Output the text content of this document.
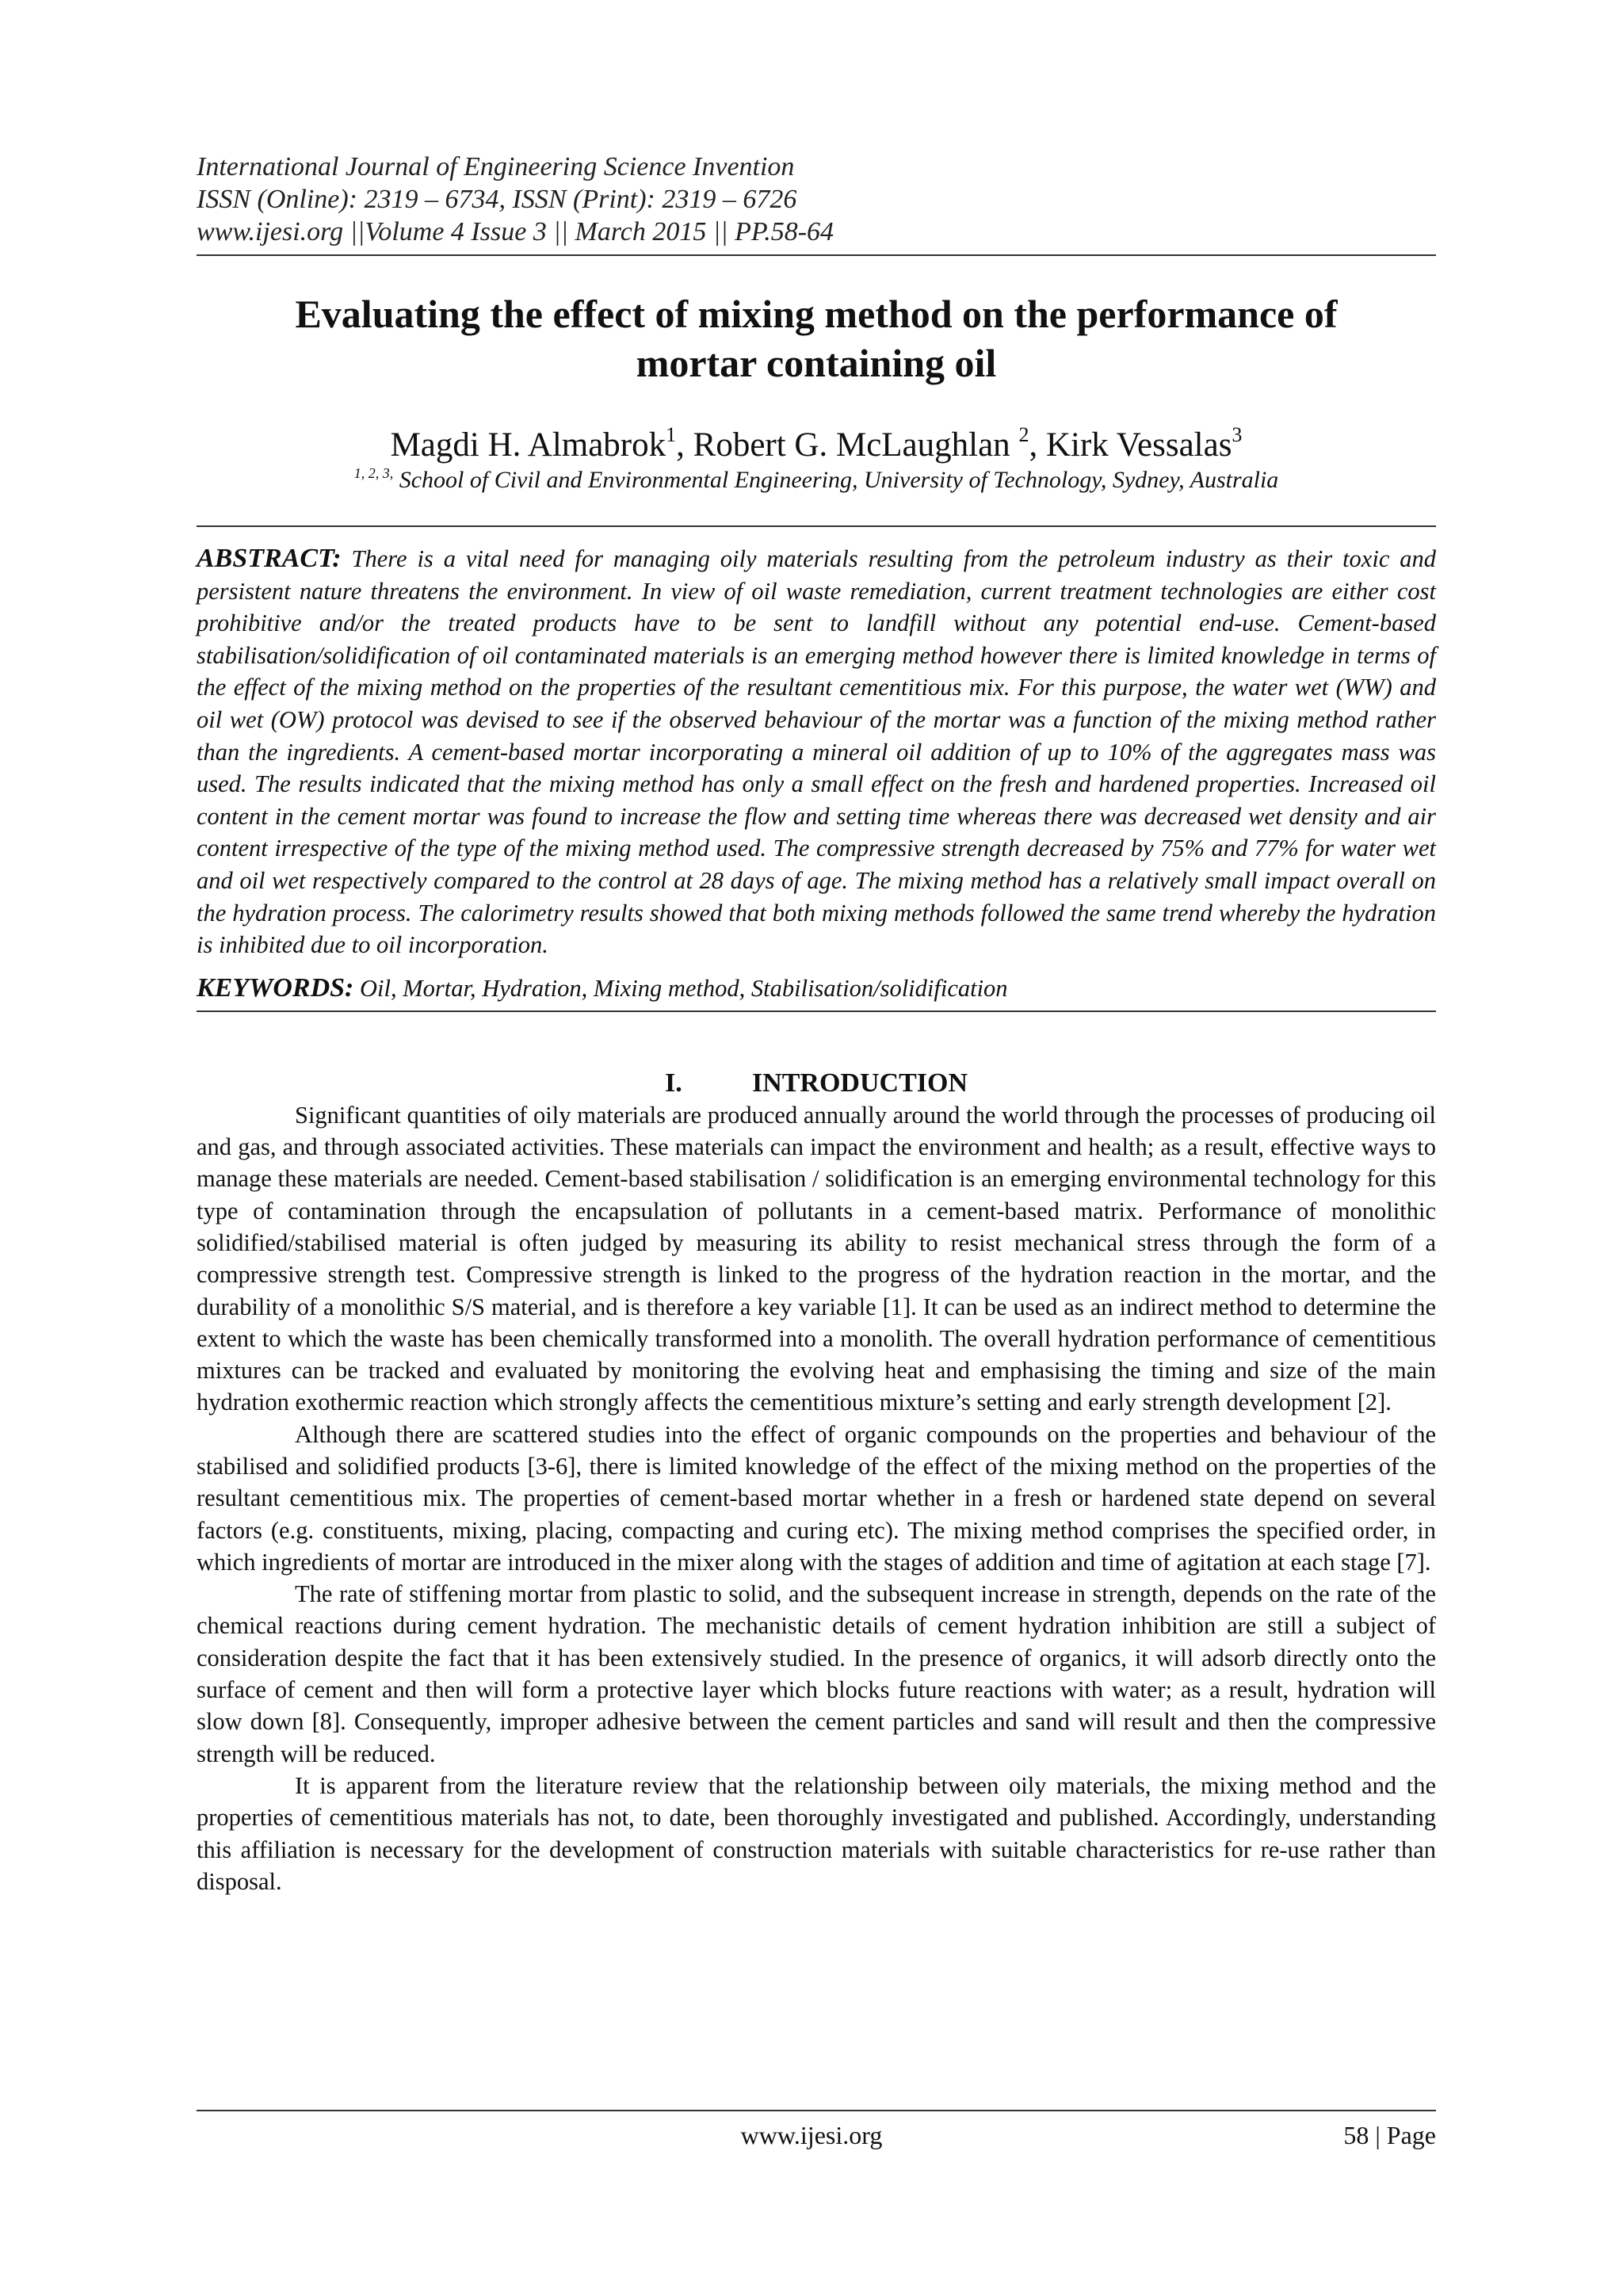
International Journal of Engineering Science Invention
ISSN (Online): 2319 – 6734, ISSN (Print): 2319 – 6726
www.ijesi.org ||Volume 4 Issue 3 || March 2015 || PP.58-64
Evaluating the effect of mixing method on the performance of
mortar containing oil
Magdi H. Almabrok$^1$, Robert G. McLaughlan $^2$, Kirk Vessalas$^3$
$^{1, 2, 3,}$ School of Civil and Environmental Engineering, University of Technology, Sydney, Australia
ABSTRACT: There is a vital need for managing oily materials resulting from the petroleum industry as their toxic and persistent nature threatens the environment. In view of oil waste remediation, current treatment technologies are either cost prohibitive and/or the treated products have to be sent to landfill without any potential end-use. Cement-based stabilisation/solidification of oil contaminated materials is an emerging method however there is limited knowledge in terms of the effect of the mixing method on the properties of the resultant cementitious mix. For this purpose, the water wet (WW) and oil wet (OW) protocol was devised to see if the observed behaviour of the mortar was a function of the mixing method rather than the ingredients. A cement-based mortar incorporating a mineral oil addition of up to 10% of the aggregates mass was used. The results indicated that the mixing method has only a small effect on the fresh and hardened properties. Increased oil content in the cement mortar was found to increase the flow and setting time whereas there was decreased wet density and air content irrespective of the type of the mixing method used. The compressive strength decreased by 75% and 77% for water wet and oil wet respectively compared to the control at 28 days of age. The mixing method has a relatively small impact overall on the hydration process. The calorimetry results showed that both mixing methods followed the same trend whereby the hydration is inhibited due to oil incorporation.
KEYWORDS: Oil, Mortar, Hydration, Mixing method, Stabilisation/solidification
I.	INTRODUCTION

Significant quantities of oily materials are produced annually around the world through the processes of producing oil and gas, and through associated activities. These materials can impact the environment and health; as a result, effective ways to manage these materials are needed. Cement-based stabilisation / solidification is an emerging environmental technology for this type of contamination through the encapsulation of pollutants in a cement-based matrix. Performance of monolithic solidified/stabilised material is often judged by measuring its ability to resist mechanical stress through the form of a compressive strength test. Compressive strength is linked to the progress of the hydration reaction in the mortar, and the durability of a monolithic S/S material, and is therefore a key variable [1]. It can be used as an indirect method to determine the extent to which the waste has been chemically transformed into a monolith. The overall hydration performance of cementitious mixtures can be tracked and evaluated by monitoring the evolving heat and emphasising the timing and size of the main hydration exothermic reaction which strongly affects the cementitious mixture’s setting and early strength development [2].

Although there are scattered studies into the effect of organic compounds on the properties and behaviour of the stabilised and solidified products [3-6], there is limited knowledge of the effect of the mixing method on the properties of the resultant cementitious mix. The properties of cement-based mortar whether in a fresh or hardened state depend on several factors (e.g. constituents, mixing, placing, compacting and curing etc). The mixing method comprises the specified order, in which ingredients of mortar are introduced in the mixer along with the stages of addition and time of agitation at each stage [7].

The rate of stiffening mortar from plastic to solid, and the subsequent increase in strength, depends on the rate of the chemical reactions during cement hydration. The mechanistic details of cement hydration inhibition are still a subject of consideration despite the fact that it has been extensively studied. In the presence of organics, it will adsorb directly onto the surface of cement and then will form a protective layer which blocks future reactions with water; as a result, hydration will slow down [8]. Consequently, improper adhesive between the cement particles and sand will result and then the compressive strength will be reduced.

It is apparent from the literature review that the relationship between oily materials, the mixing method and the properties of cementitious materials has not, to date, been thoroughly investigated and published. Accordingly, understanding this affiliation is necessary for the development of construction materials with suitable characteristics for re-use rather than disposal.

www.ijesi.org	58 | Page
